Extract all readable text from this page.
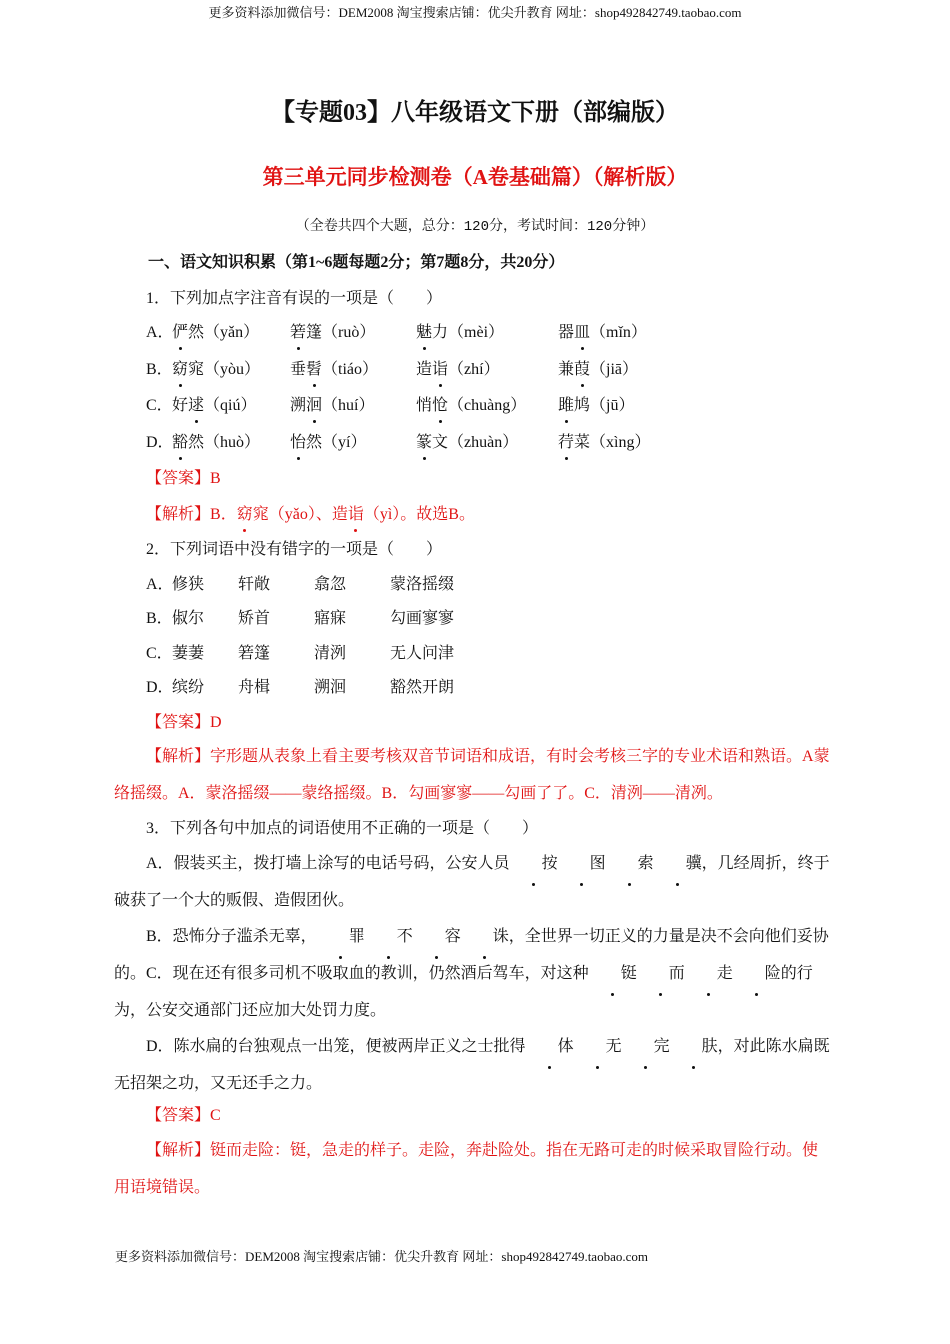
更多资料添加微信号：DEM2008 淘宝搜索店铺：优尖升教育 网址：shop492842749.taobao.com
【专题03】八年级语文下册（部编版）
第三单元同步检测卷（A卷基础篇）（解析版）
（全卷共四个大题，总分：120分，考试时间：120分钟）
一、语文知识积累（第1~6题每题2分；第7题8分，共20分）
1．下列加点字注音有误的一项是（　　）
A．
俨然（yǎn） 箬篷（ruò）	魅力（mèi）	器皿（mǐn）
B． 窈窕（yòu） 垂髫（tiáo） 造诣（zhí）	兼葭（jiā）
C． 好逑（qiú） 溯洄（huí）	悄怆（chuàng） 雎鸠（jū）
D．
豁然（huò） 怡然（yí）	篆文（zhuàn） 荇菜（xìng）
【答案】B
【解析】B．窈窕（yǎo）、造诣（yì）。故选B。
2．下列词语中没有错字的一项是（　　）
A．
修狭 轩敞	翕忽	蒙洛摇缀
B． 俶尔 矫首	寤寐	勾画寥寥
C． 萋萋 箬篷	清洌	无人问津
D．
缤纷 舟楫	溯洄	豁然开朗
【答案】D
【解析】字形题从表象上看主要考核双音节词语和成语，有时会考核三字的专业术语和熟语。A蒙络摇缀。A．蒙洛摇缀——蒙络摇缀。B．勾画寥寥——勾画了了。C．清洌——清冽。
3．下列各句中加点的词语使用不正确的一项是（　　）
A．假装买主，拨打墙上涂写的电话号码，公安人员 按 图 索 骥，几经周折，终于破获了一个大的贩假、造假团伙。
B．恐怖分子滥杀无辜， 罪 不 容 诛，全世界一切正义的力量是决不会向他们妥协的。 C．现在还有很多司机不吸取血的教训，仍然酒后驾车，对这种 铤 而 走 险的行为，公安交通部门还应加大处罚力度。
D．陈水扁的台独观点一出笼，便被两岸正义之士批得 体 无 完 肤，对此陈水扁既无招架之功，又无还手之力。
【答案】C
【解析】铤而走险：铤，急走的样子。走险，奔赴险处。指在无路可走的时候采取冒险行动。使用语境错误。
更多资料添加微信号：DEM2008 淘宝搜索店铺：优尖升教育 网址：shop492842749.taobao.com
